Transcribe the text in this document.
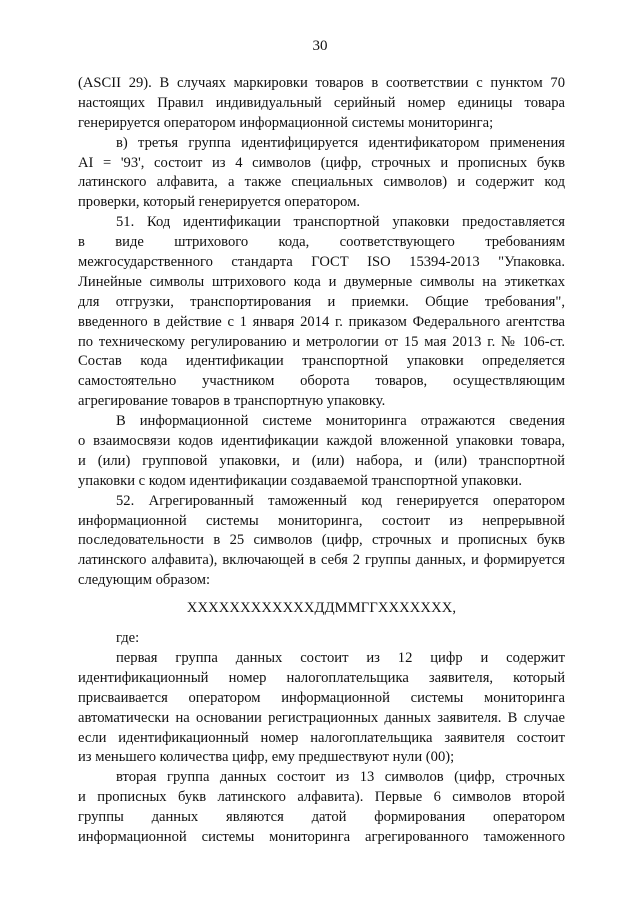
30
(ASCII 29). В случаях маркировки товаров в соответствии с пунктом 70
настоящих Правил индивидуальный серийный номер единицы товара
генерируется оператором информационной системы мониторинга;
в) третья группа идентифицируется идентификатором применения
AI = '93', состоит из 4 символов (цифр, строчных и прописных букв
латинского алфавита, а также специальных символов) и содержит код
проверки, который генерируется оператором.
51. Код идентификации транспортной упаковки предоставляется
в виде штрихового кода, соответствующего требованиям
межгосударственного стандарта ГОСТ ISO 15394-2013 "Упаковка.
Линейные символы штрихового кода и двумерные символы на этикетках
для отгрузки, транспортирования и приемки. Общие требования",
введенного в действие с 1 января 2014 г. приказом Федерального агентства
по техническому регулированию и метрологии от 15 мая 2013 г. № 106-ст.
Состав кода идентификации транспортной упаковки определяется
самостоятельно участником оборота товаров, осуществляющим
агрегирование товаров в транспортную упаковку.
В информационной системе мониторинга отражаются сведения
о взаимосвязи кодов идентификации каждой вложенной упаковки товара,
и (или) групповой упаковки, и (или) набора, и (или) транспортной
упаковки с кодом идентификации создаваемой транспортной упаковки.
52. Агрегированный таможенный код генерируется оператором
информационной системы мониторинга, состоит из непрерывной
последовательности в 25 символов (цифр, строчных и прописных букв
латинского алфавита), включающей в себя 2 группы данных, и формируется
следующим образом:
XXXXXXXXXXXXДДММГГXXXXXXX,
где:
первая группа данных состоит из 12 цифр и содержит
идентификационный номер налогоплательщика заявителя, который
присваивается оператором информационной системы мониторинга
автоматически на основании регистрационных данных заявителя. В случае
если идентификационный номер налогоплательщика заявителя состоит
из меньшего количества цифр, ему предшествуют нули (00);
вторая группа данных состоит из 13 символов (цифр, строчных
и прописных букв латинского алфавита). Первые 6 символов второй
группы данных являются датой формирования оператором
информационной системы мониторинга агрегированного таможенного
